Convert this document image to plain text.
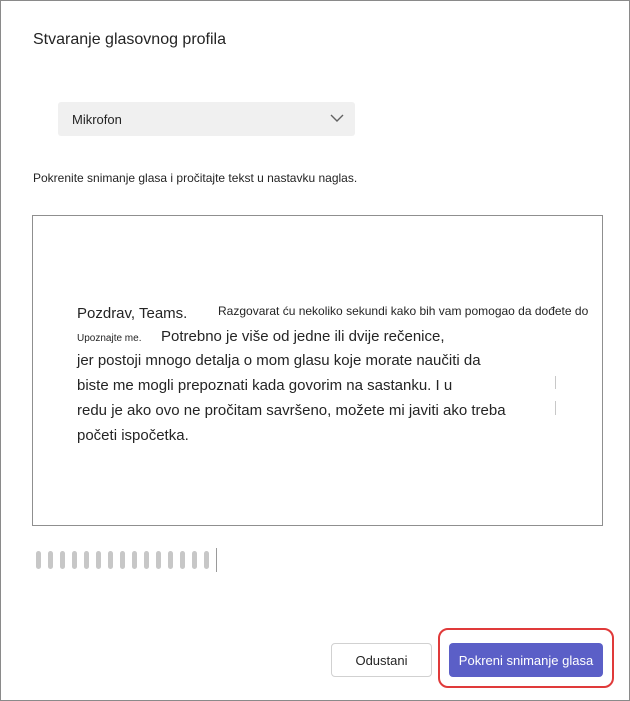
Stvaranje glasovnog profila
Mikrofon
Pokrenite snimanje glasa i pročitajte tekst u nastavku naglas.
Pozdrav, Teams.	Razgovarat ću nekoliko sekundi kako bih vam pomogao da dođete do
Upoznajte me. Potrebno je više od jedne ili dvije rečenice,
jer postoji mnogo detalja o mom glasu koje morate naučiti da
biste me mogli prepoznati kada govorim na sastanku. I u
redu je ako ovo ne pročitam savršeno, možete mi javiti ako treba
početi ispočetka.
Odustani	Pokreni snimanje glasa
